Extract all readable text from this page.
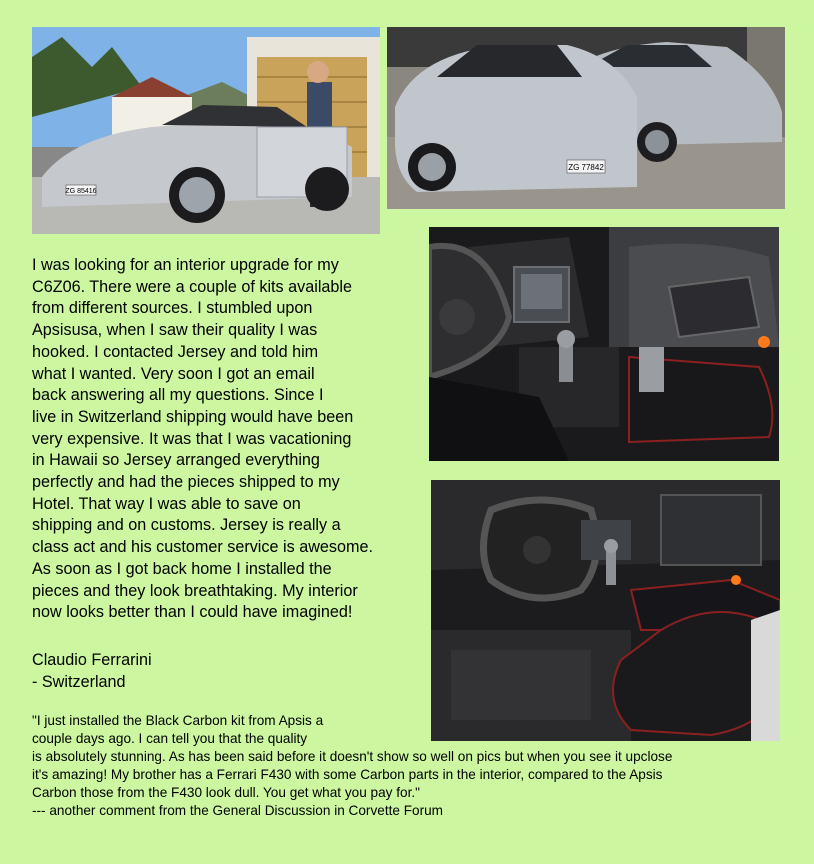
ZG 85416
ZG 77842
I was looking for an interior upgrade for my
C6Z06. There were a couple of kits available
from different sources. I stumbled upon
Apsisusa, when I saw their quality I was
hooked. I contacted Jersey and told him
what I wanted. Very soon I got an email
back answering all my questions. Since I
live in Switzerland shipping would have been
very expensive. It was that I was vacationing
in Hawaii so Jersey arranged everything
perfectly and had the pieces shipped to my
Hotel. That way I was able to save on
shipping and on customs. Jersey is really a
class act and his customer service is awesome.
As soon as I got back home I installed the
pieces and they look breathtaking. My interior
now looks better than I could have imagined!
Claudio Ferrarini
- Switzerland
"I just installed the Black Carbon kit from Apsis a
couple days ago. I can tell you that the quality
is absolutely stunning. As has been said before it doesn't show so well on pics but when you see it upclose
it's amazing! My brother has a Ferrari F430 with some Carbon parts in the interior, compared to the Apsis
Carbon those from the F430 look dull. You get what you pay for."
--- another comment from the General Discussion in Corvette Forum
